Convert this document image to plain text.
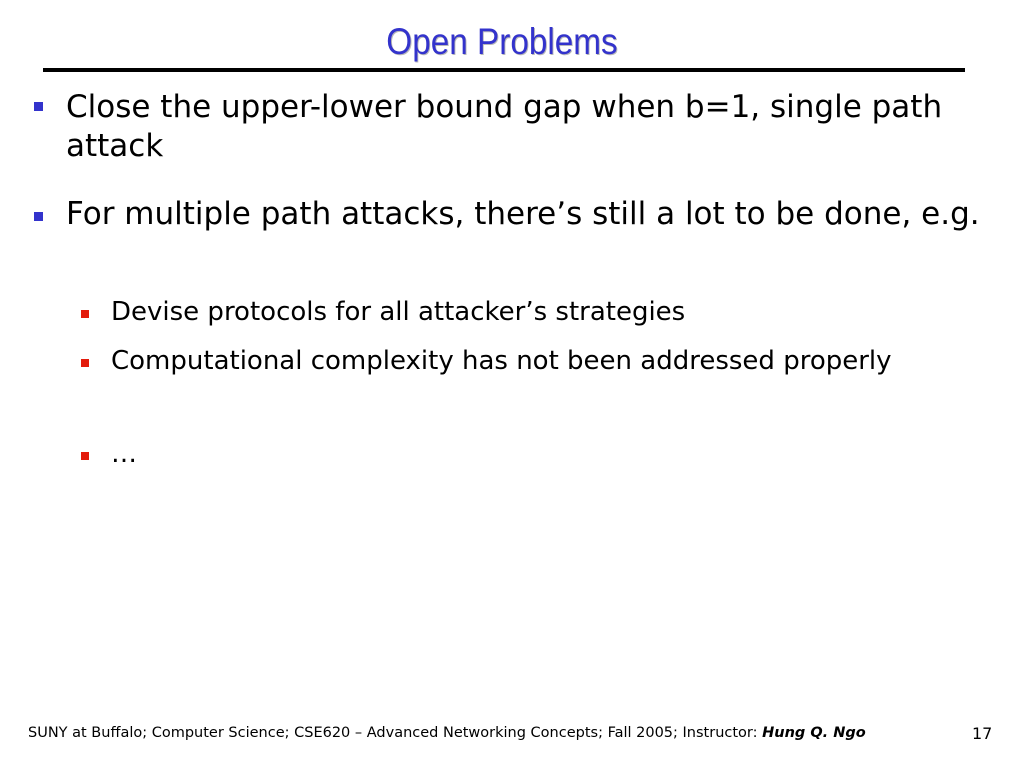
Open Problems
Close the upper-lower bound gap when b=1, single path attack
For multiple path attacks, there’s still a lot to be done, e.g.
Devise protocols for all attacker’s strategies
Computational complexity has not been addressed properly
…
SUNY at Buffalo; Computer Science; CSE620 – Advanced Networking Concepts; Fall 2005; Instructor: Hung Q. Ngo	17
